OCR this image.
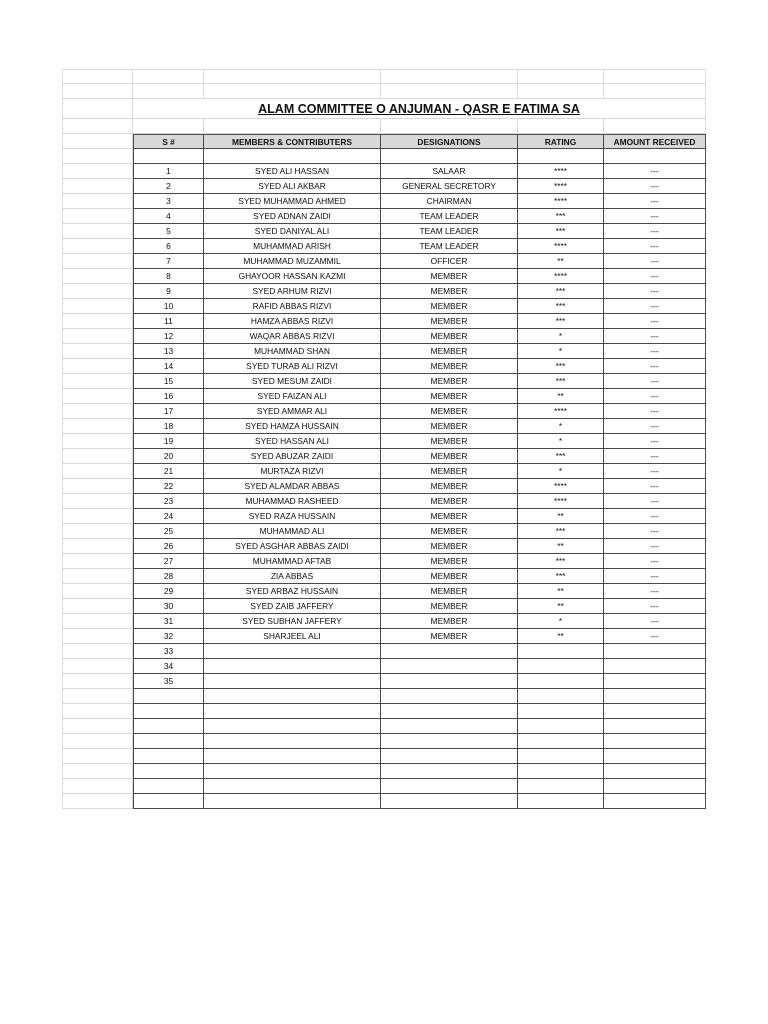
ALAM COMMITTEE O ANJUMAN - QASR E FATIMA SA
S #	MEMBERS & CONTRIBUTERS	DESIGNATIONS	RATING	AMOUNT RECEIVED
1	SYED ALI HASSAN	SALAAR	****	---
2	SYED ALI AKBAR	GENERAL SECRETORY	****	---
3	SYED MUHAMMAD AHMED	CHAIRMAN	****	---
4	SYED ADNAN ZAIDI	TEAM LEADER	***	---
5	SYED DANIYAL ALI	TEAM LEADER	***	---
6	MUHAMMAD ARISH	TEAM LEADER	****	---
7	MUHAMMAD MUZAMMIL	OFFICER	**	---
8	GHAYOOR HASSAN KAZMI	MEMBER	****	---
9	SYED ARHUM RIZVI	MEMBER	***	---
10	RAFID ABBAS RIZVI	MEMBER	***	---
11	HAMZA ABBAS RIZVI	MEMBER	***	---
12	WAQAR ABBAS RIZVI	MEMBER	*	---
13	MUHAMMAD SHAN	MEMBER	*	---
14	SYED TURAB ALI RIZVI	MEMBER	***	---
15	SYED MESUM ZAIDI	MEMBER	***	---
16	SYED FAIZAN ALI	MEMBER	**	---
17	SYED AMMAR ALI	MEMBER	****	---
18	SYED HAMZA HUSSAIN	MEMBER	*	---
19	SYED HASSAN ALI	MEMBER	*	---
20	SYED ABUZAR ZAIDI	MEMBER	***	---
21	MURTAZA RIZVI	MEMBER	*	---
22	SYED ALAMDAR ABBAS	MEMBER	****	---
23	MUHAMMAD RASHEED	MEMBER	****	---
24	SYED RAZA HUSSAIN	MEMBER	**	---
25	MUHAMMAD ALI	MEMBER	***	---
26	SYED ASGHAR ABBAS ZAIDI	MEMBER	**	---
27	MUHAMMAD AFTAB	MEMBER	***	---
28	ZIA ABBAS	MEMBER	***	---
29	SYED ARBAZ HUSSAIN	MEMBER	**	---
30	SYED ZAIB JAFFERY	MEMBER	**	---
31	SYED SUBHAN JAFFERY	MEMBER	*	---
32	SHARJEEL ALI	MEMBER	**	---
33
34
35
